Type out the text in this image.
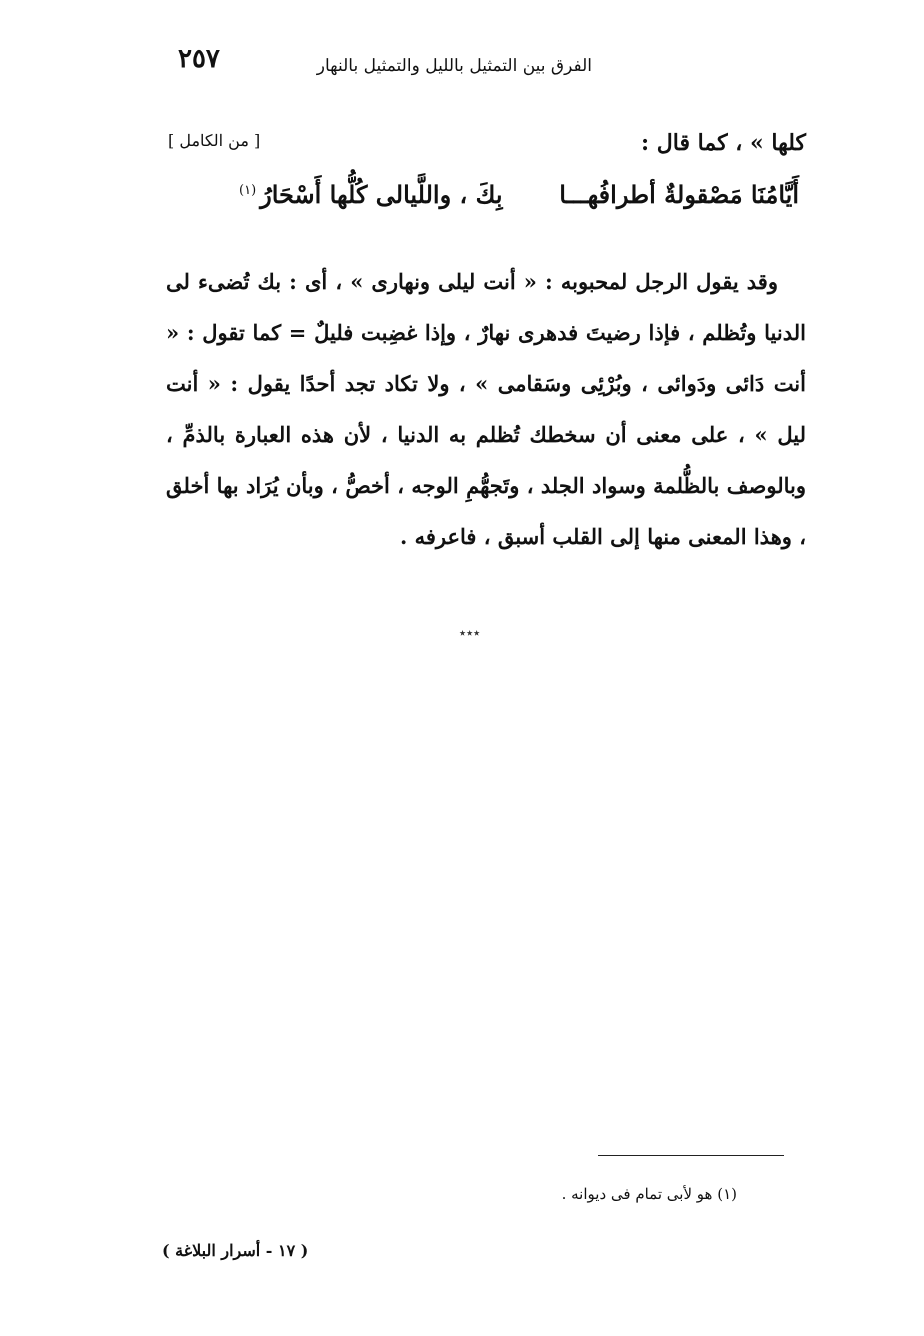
٢٥٧	الفرق بين التمثيل بالليل والتمثيل بالنهار
كلها » ، كما قال :
[ من الكامل ]
أَيَّامُنَا مَصْقولةٌ أطرافُهـــا
بِكَ ، واللَّيالى كُلُّها أَسْحَارُ$^{(١)}$

وقد يقول الرجل لمحبوبه : « أنت ليلى ونهارى » ، أى : بك تُضىء لى الدنيا وتُظلم ، فإذا رضيتَ فدهرى نهارٌ ، وإذا غضِبت فليلٌ = كما تقول : « أنت دَائى ودَوائى ، وبُرْئِى وسَقامى » ، ولا تكاد تجد أحدًا يقول : « أنت ليل » ، على معنى أن سخطك تُظلم به الدنيا ، لأن هذه العبارة بالذمِّ ، وبالوصف بالظُّلمة وسواد الجلد ، وتَجهُّمِ الوجه ، أخصُّ ، وبأن يُرَاد بها أخلق ، وهذا المعنى منها إلى القلب أسبق ، فاعرفه .

٭٭٭
(١) هو لأبى تمام فى ديوانه .
( ١٧ - أسرار البلاغة )
